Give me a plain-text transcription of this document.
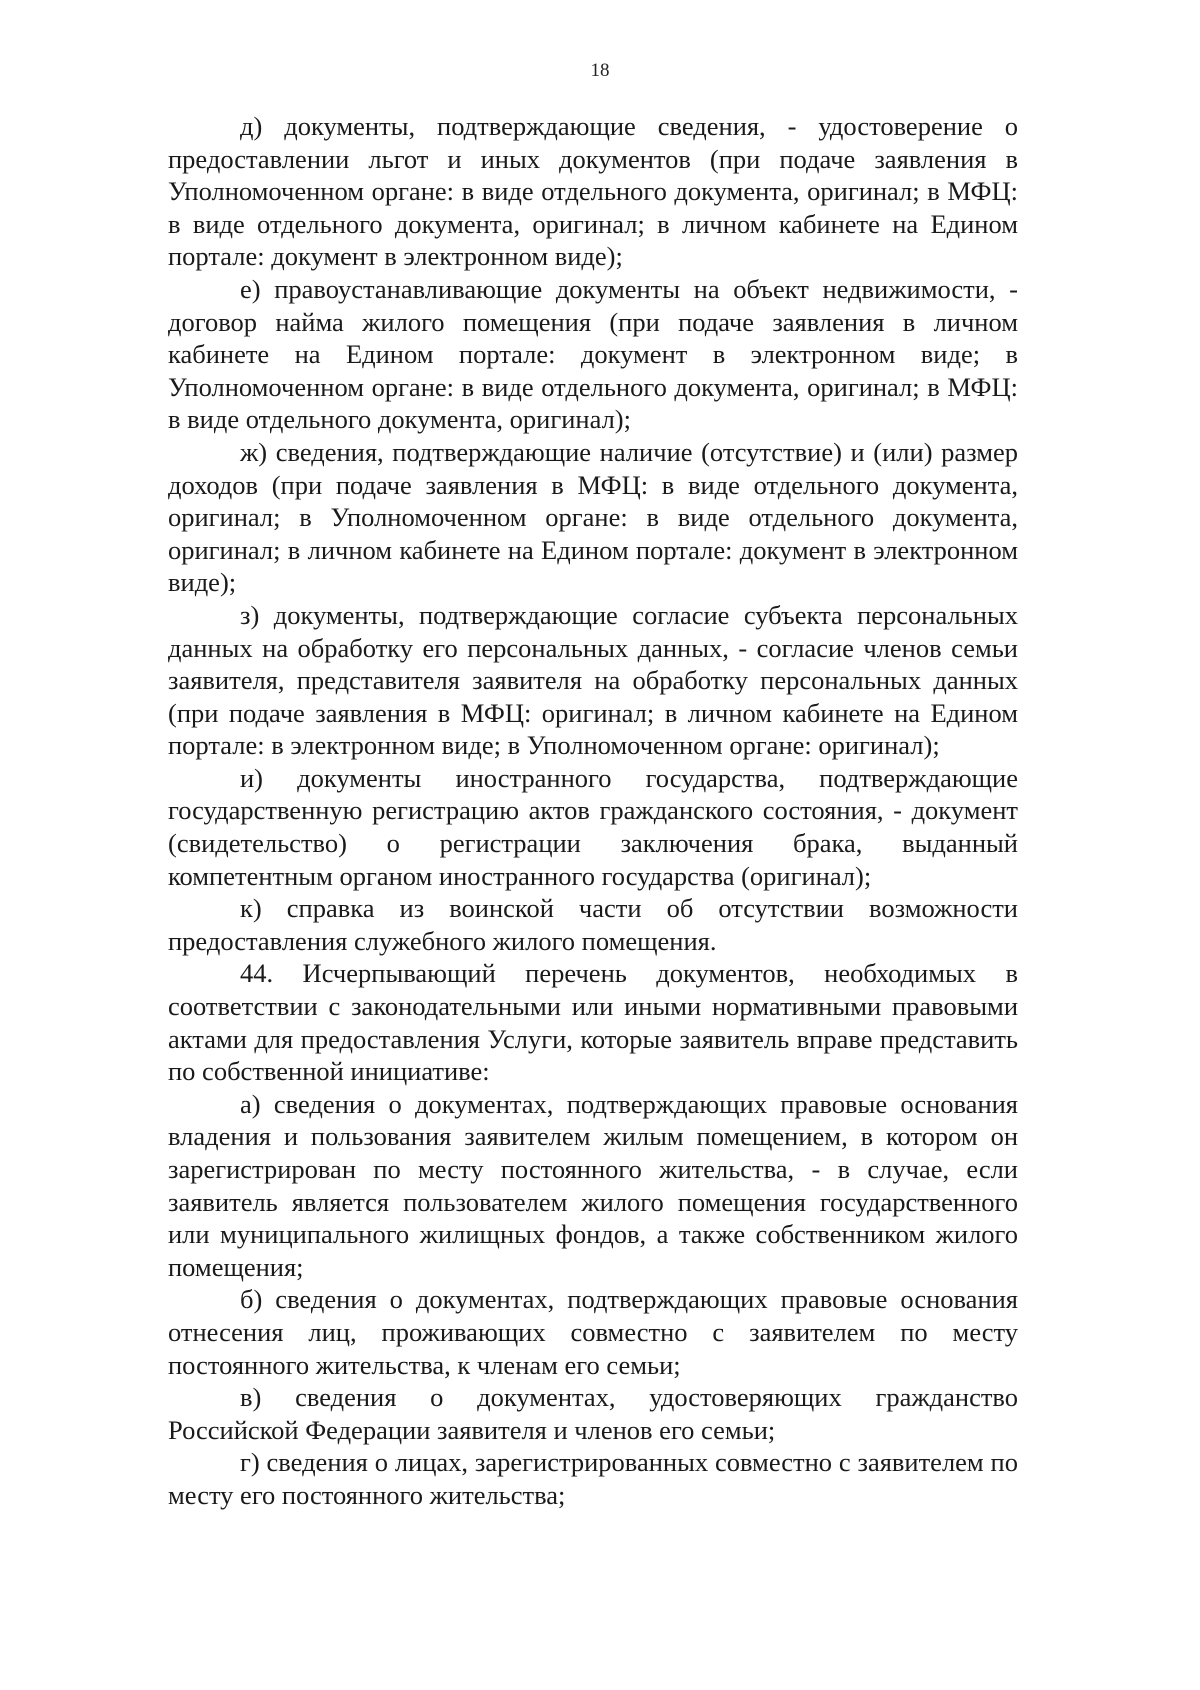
18

д) документы, подтверждающие сведения, - удостоверение о предоставлении льгот и иных документов (при подаче заявления в Уполномоченном органе: в виде отдельного документа, оригинал; в МФЦ: в виде отдельного документа, оригинал; в личном кабинете на Едином портале: документ в электронном виде);

е) правоустанавливающие документы на объект недвижимости, - договор найма жилого помещения (при подаче заявления в личном кабинете на Едином портале: документ в электронном виде; в Уполномоченном органе: в виде отдельного документа, оригинал; в МФЦ: в виде отдельного документа, оригинал);

ж) сведения, подтверждающие наличие (отсутствие) и (или) размер доходов (при подаче заявления в МФЦ: в виде отдельного документа, оригинал; в Уполномоченном органе: в виде отдельного документа, оригинал; в личном кабинете на Едином портале: документ в электронном виде);

з) документы, подтверждающие согласие субъекта персональных данных на обработку его персональных данных, - согласие членов семьи заявителя, представителя заявителя на обработку персональных данных (при подаче заявления в МФЦ: оригинал; в личном кабинете на Едином портале: в электронном виде; в Уполномоченном органе: оригинал);

и) документы иностранного государства, подтверждающие государственную регистрацию актов гражданского состояния, - документ (свидетельство) о регистрации заключения брака, выданный компетентным органом иностранного государства (оригинал);

к) справка из воинской части об отсутствии возможности предоставления служебного жилого помещения.

44. Исчерпывающий перечень документов, необходимых в соответствии с законодательными или иными нормативными правовыми актами для предоставления Услуги, которые заявитель вправе представить по собственной инициативе:

а) сведения о документах, подтверждающих правовые основания владения и пользования заявителем жилым помещением, в котором он зарегистрирован по месту постоянного жительства, - в случае, если заявитель является пользователем жилого помещения государственного или муниципального жилищных фондов, а также собственником жилого помещения;

б) сведения о документах, подтверждающих правовые основания отнесения лиц, проживающих совместно с заявителем по месту постоянного жительства, к членам его семьи;

в) сведения о документах, удостоверяющих гражданство Российской Федерации заявителя и членов его семьи;

г) сведения о лицах, зарегистрированных совместно с заявителем по месту его постоянного жительства;
